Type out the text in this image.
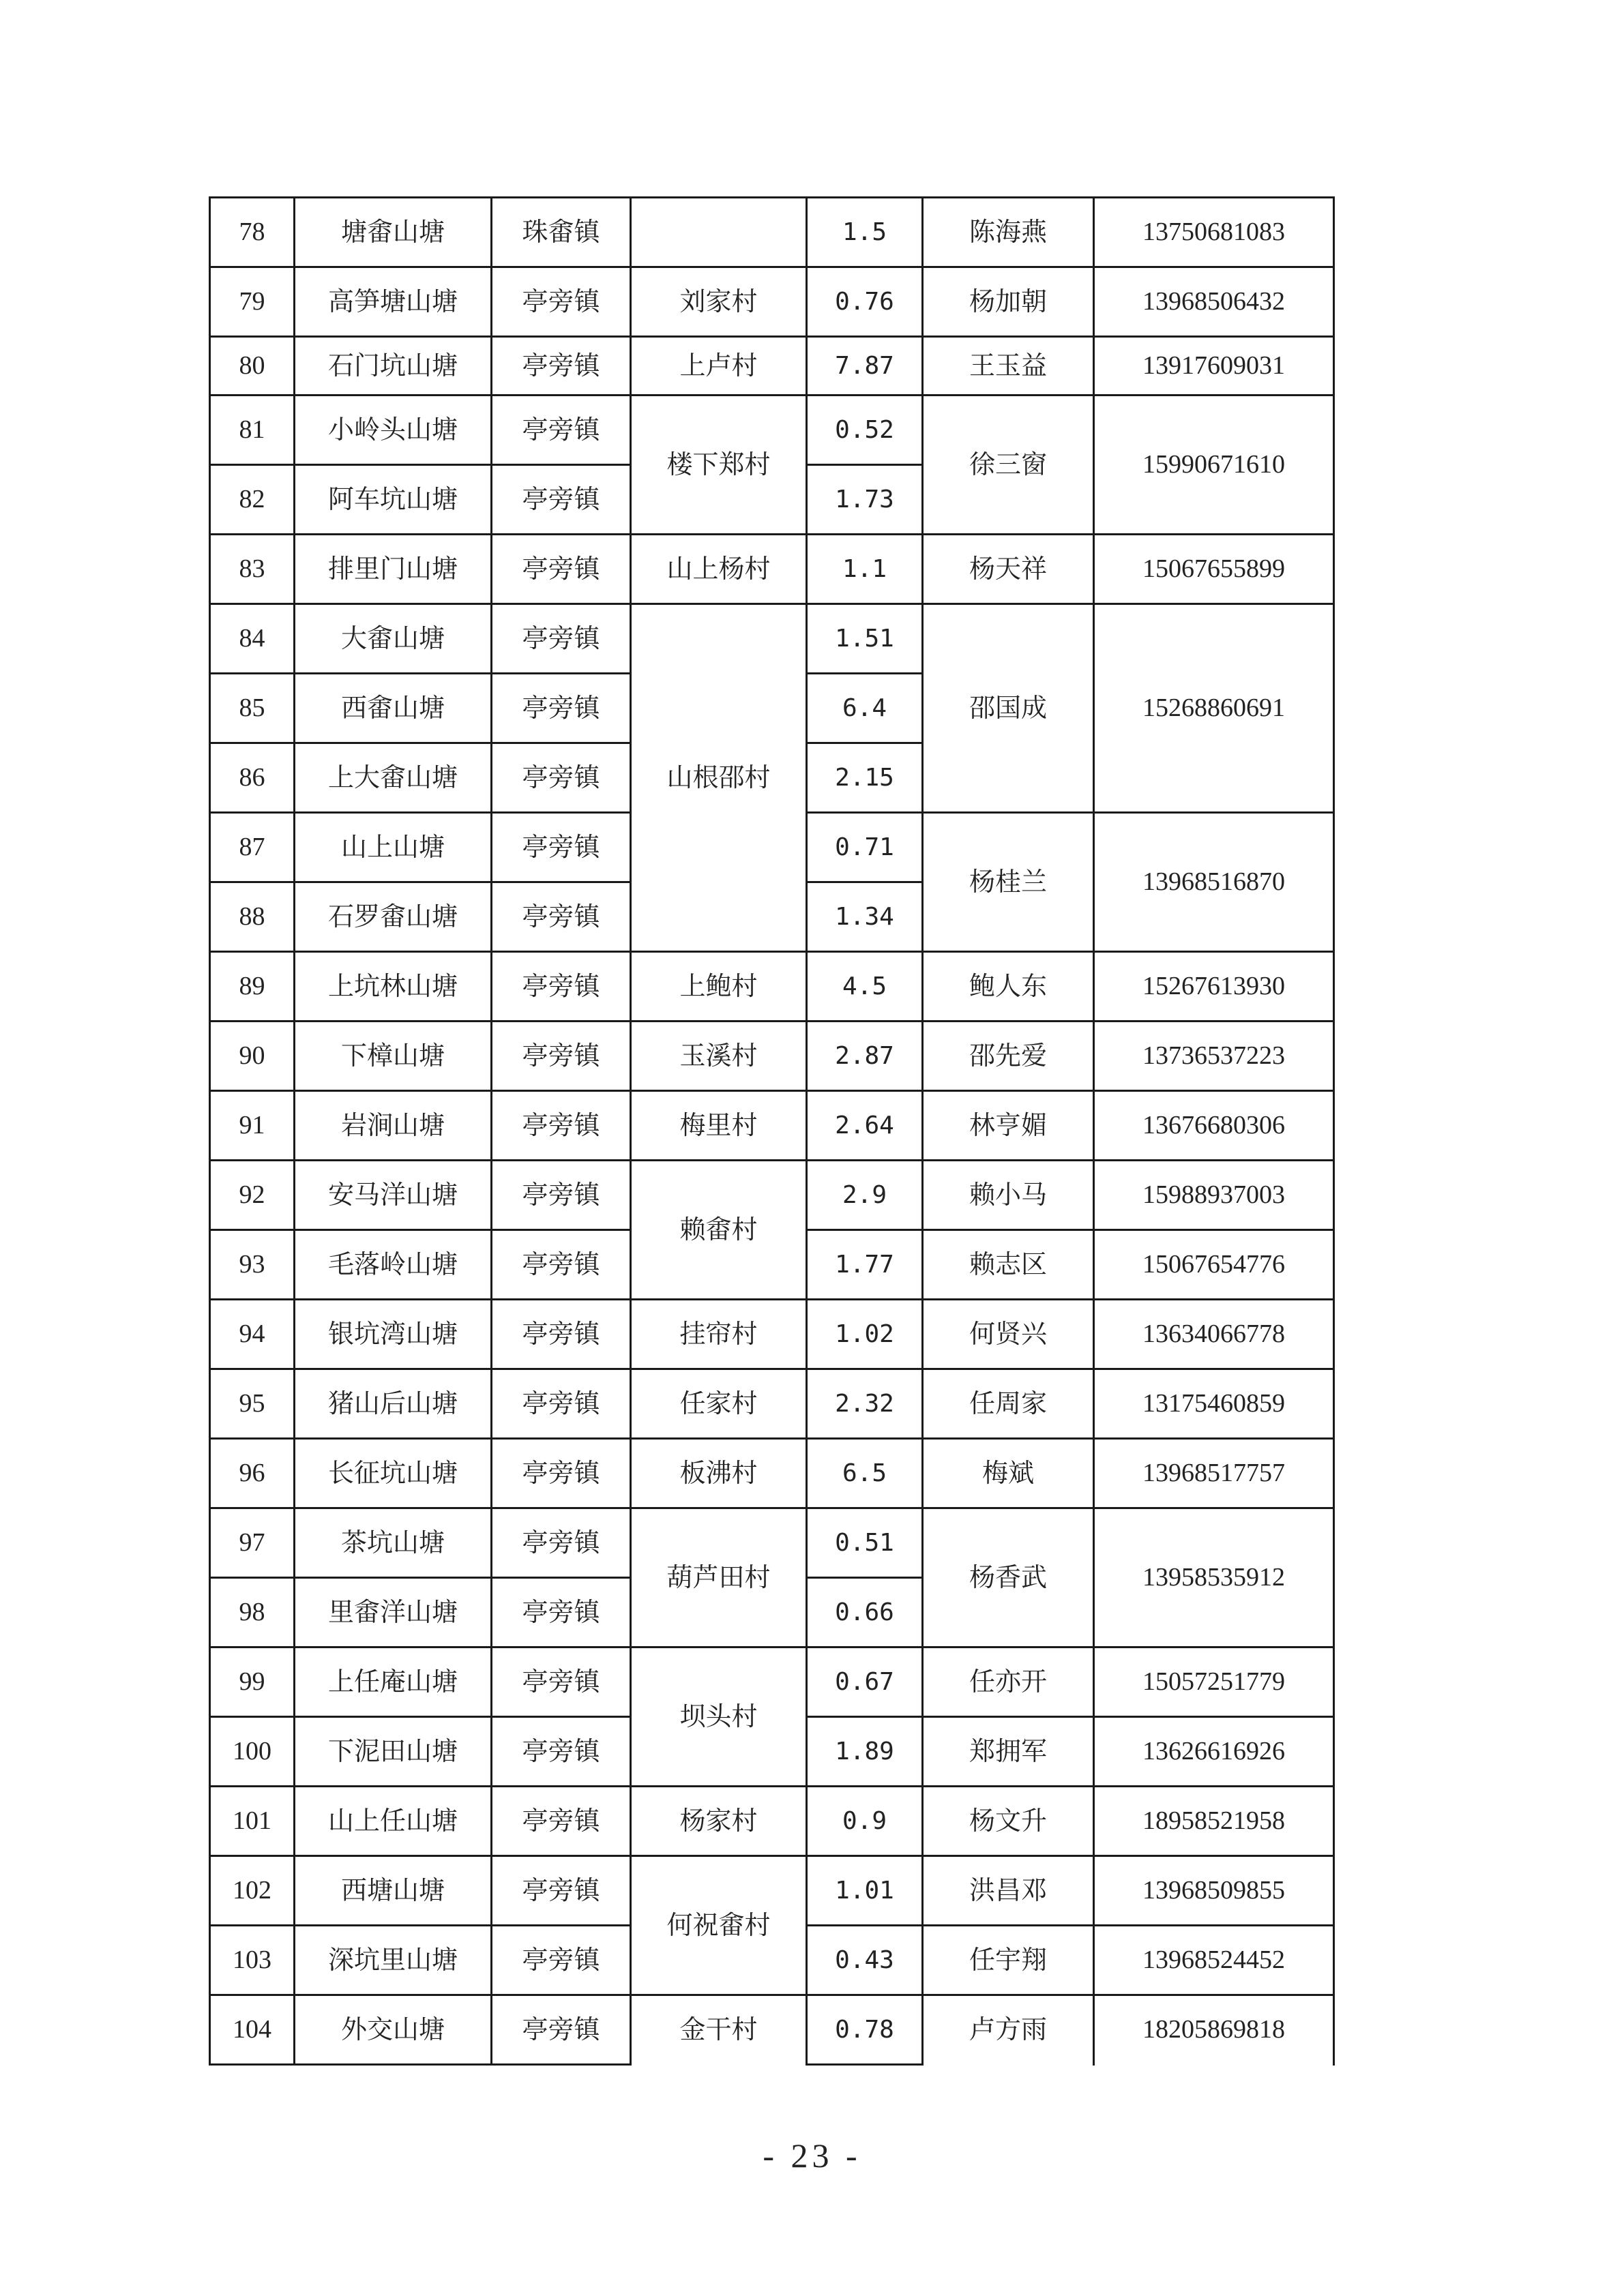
78	塘畬山塘	珠畬镇		1.5	陈海燕	13750681083
79	高笋塘山塘	亭旁镇	刘家村	0.76	杨加朝	13968506432
80	石门坑山塘	亭旁镇	上卢村	7.87	王玉益	13917609031
81	小岭头山塘	亭旁镇	楼下郑村	0.52	徐三窗	15990671610
82	阿车坑山塘	亭旁镇		1.73		
83	排里门山塘	亭旁镇	山上杨村	1.1	杨天祥	15067655899
84	大畬山塘	亭旁镇	山根邵村	1.51	邵国成	15268860691
85	西畬山塘	亭旁镇		6.4		
86	上大畬山塘	亭旁镇		2.15		
87	山上山塘	亭旁镇		0.71	杨桂兰	13968516870
88	石罗畬山塘	亭旁镇		1.34		
89	上坑林山塘	亭旁镇	上鲍村	4.5	鲍人东	15267613930
90	下樟山塘	亭旁镇	玉溪村	2.87	邵先爱	13736537223
91	岩涧山塘	亭旁镇	梅里村	2.64	林亨媚	13676680306
92	安马洋山塘	亭旁镇	赖畬村	2.9	赖小马	15988937003
93	毛落岭山塘	亭旁镇		1.77	赖志区	15067654776
94	银坑湾山塘	亭旁镇	挂帘村	1.02	何贤兴	13634066778
95	猪山后山塘	亭旁镇	任家村	2.32	任周家	13175460859
96	长征坑山塘	亭旁镇	板沸村	6.5	梅斌	13968517757
97	茶坑山塘	亭旁镇	葫芦田村	0.51	杨香武	13958535912
98	里畬洋山塘	亭旁镇		0.66		
99	上任庵山塘	亭旁镇	坝头村	0.67	任亦开	15057251779
100	下泥田山塘	亭旁镇		1.89	郑拥军	13626616926
101	山上任山塘	亭旁镇	杨家村	0.9	杨文升	18958521958
102	西塘山塘	亭旁镇	何祝畬村	1.01	洪昌邓	13968509855
103	深坑里山塘	亭旁镇		0.43	任宇翔	13968524452
104	外交山塘	亭旁镇	金干村	0.78	卢方雨	18205869818
- 23 -
